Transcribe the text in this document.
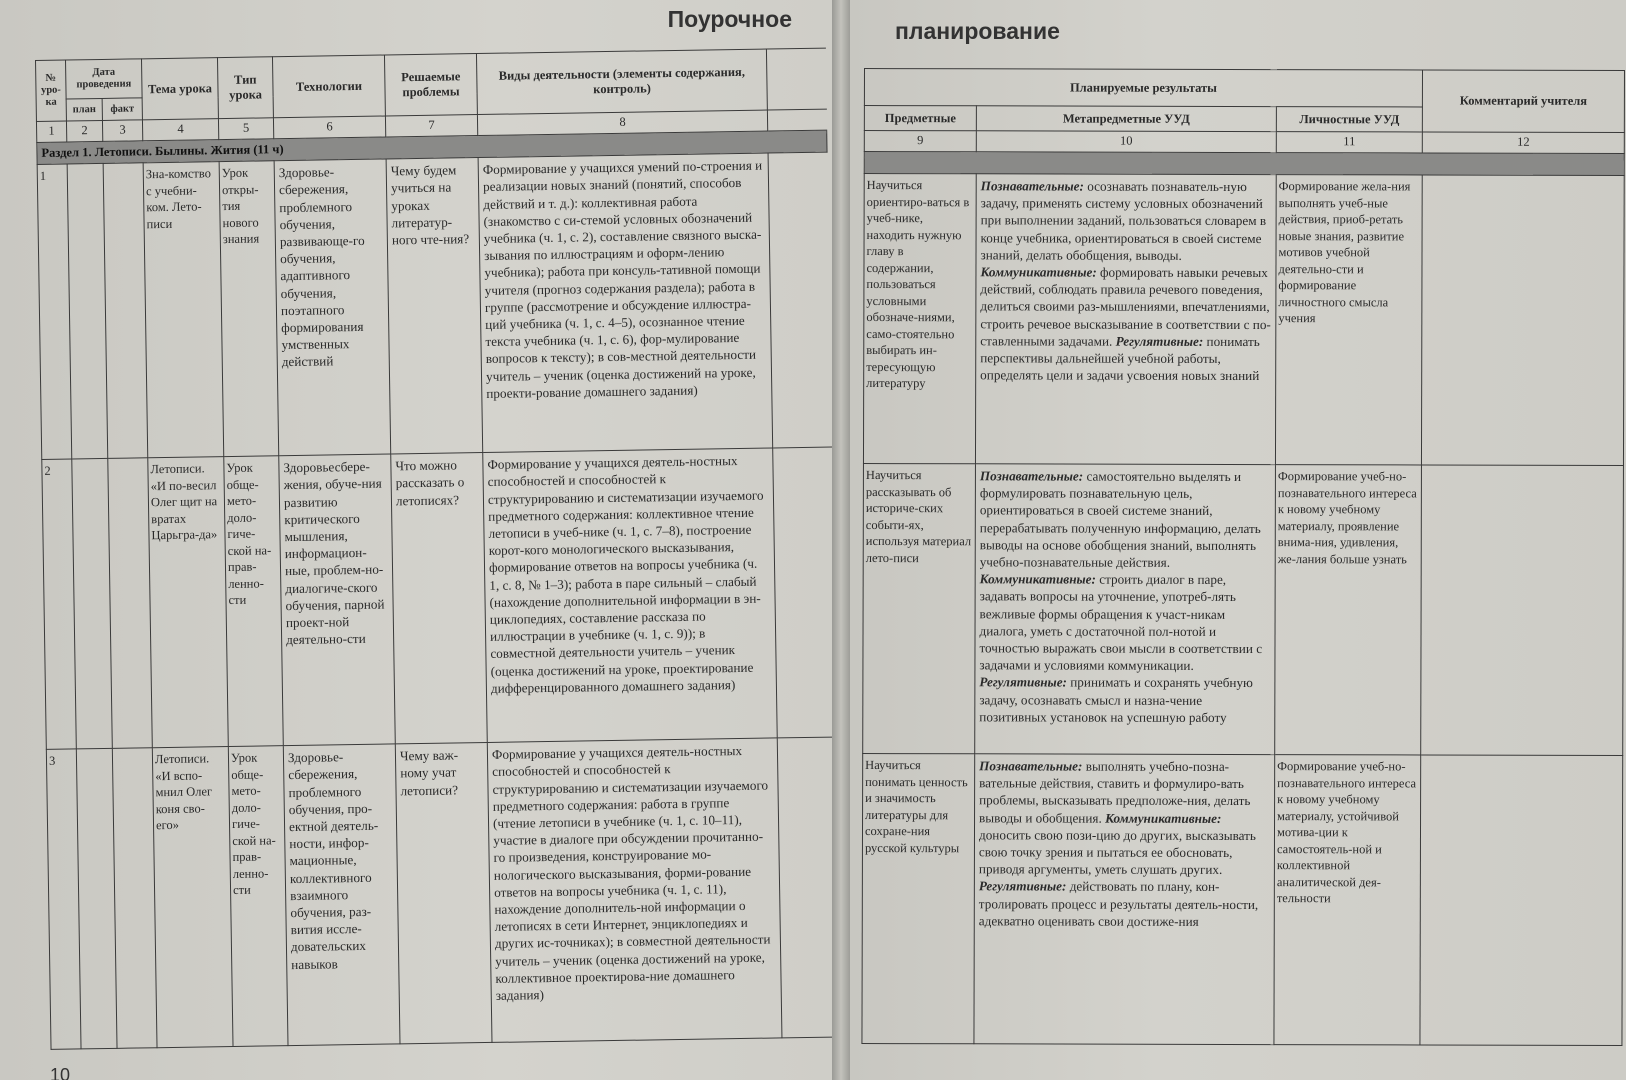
Поурочное
№ уро-ка	Дата проведения		Тема урока	Тип урока	Технологии	Решаемые проблемы	Виды деятельности (элементы содержания, контроль)	
	план	факт						
1	2	3	4	5	6	7	8	
Раздел 1. Летописи. Былины. Жития (11 ч)								
1			Зна-комство с учебни-ком. Лето-писи	Урок откры-тия нового знания	Здоровье-сбережения, проблемного обучения, развивающе-го обучения, адаптивного обучения, поэтапного формирования умственных действий	Чему будем учиться на уроках литератур-ного чте-ния?	Формирование у учащихся умений по-строения и реализации новых знаний (понятий, способов действий и т. д.): коллективная работа (знакомство с си-стемой условных обозначений учебника (ч. 1, с. 2), составление связного выска-зывания по иллюстрациям и оформ-лению учебника); работа при консуль-тативной помощи учителя (прогноз содержания раздела); работа в группе (рассмотрение и обсуждение иллюстра-ций учебника (ч. 1, с. 4–5), осознанное чтение текста учебника (ч. 1, с. 6), фор-мулирование вопросов к тексту); в сов-местной деятельности учитель – ученик (оценка достижений на уроке, проекти-рование домашнего задания)	
2			Летописи. «И по-весил Олег щит на вратах Царьгра-да»	Урок обще-мето-доло-гиче-ской на-прав-ленно-сти	Здоровьесбере-жения, обуче-ния развитию критического мышления, информацион-ные, проблем-но-диалогиче-ского обучения, парной проект-ной деятельно-сти	Что можно рассказать о летописях?	Формирование у учащихся деятель-ностных способностей и способностей к структурированию и систематизации изучаемого предметного содержания: коллективное чтение летописи в учеб-нике (ч. 1, с. 7–8), построение корот-кого монологического высказывания, формирование ответов на вопросы учебника (ч. 1, с. 8, № 1–3); работа в паре сильный – слабый (нахождение дополнительной информации в эн-циклопедиях, составление рассказа по иллюстрации в учебнике (ч. 1, с. 9)); в совместной деятельности учитель – ученик (оценка достижений на уроке, проектирование дифференцированного домашнего задания)	
3			Летописи. «И вспо-мнил Олег коня сво-его»	Урок обще-мето-доло-гиче-ской на-прав-ленно-сти	Здоровье-сбережения, проблемного обучения, про-ектной деятель-ности, инфор-мационные, коллективного взаимного обучения, раз-вития иссле-довательских навыков	Чему важ-ному учат летописи?	Формирование у учащихся деятель-ностных способностей и способностей к структурированию и систематизации изучаемого предметного содержания: работа в группе (чтение летописи в учебнике (ч. 1, с. 10–11), участие в диалоге при обсуждении прочитанно-го произведения, конструирование мо-нологического высказывания, форми-рование ответов на вопросы учебника (ч. 1, с. 11), нахождение дополнитель-ной информации о летописях в сети Интернет, энциклопедиях и других ис-точниках); в совместной деятельности учитель – ученик (оценка достижений на уроке, коллективное проектирова-ние домашнего задания)	
10
планирование
Планируемые результаты			Комментарий учителя
Предметные	Метапредметные УУД	Личностные УУД	
9	10	11	12

Научиться ориентиро-ваться в учеб-нике, находить нужную главу в содержании, пользоваться условными обозначе-ниями, само-стоятельно выбирать ин-тересующую литературу	Познавательные: осознавать познаватель-ную задачу, применять систему условных обозначений при выполнении заданий, пользоваться словарем в конце учебника, ориентироваться в своей системе знаний, делать обобщения, выводы. Коммуникативные: формировать навыки речевых действий, соблюдать правила речевого поведения, делиться своими раз-мышлениями, впечатлениями, строить речевое высказывание в соответствии с по-ставленными задачами. Регулятивные: понимать перспективы дальнейшей учебной работы, определять цели и задачи усвоения новых знаний	Формирование жела-ния выполнять учеб-ные действия, приоб-ретать новые знания, развитие мотивов учебной деятельно-сти и формирование личностного смысла учения	
Научиться рассказывать об историче-ских событи-ях, используя материал лето-писи	Познавательные: самостоятельно выделять и формулировать познавательную цель, ориентироваться в своей системе знаний, перерабатывать полученную информацию, делать выводы на основе обобщения знаний, выполнять учебно-познавательные действия. Коммуникативные: строить диалог в паре, задавать вопросы на уточнение, употреб-лять вежливые формы обращения к участ-никам диалога, уметь с достаточной пол-нотой и точностью выражать свои мысли в соответствии с задачами и условиями коммуникации. Регулятивные: принимать и сохранять учебную задачу, осознавать смысл и назна-чение позитивных установок на успешную работу	Формирование учеб-но-познавательного интереса к новому учебному материалу, проявление внима-ния, удивления, же-лания больше узнать	
Научиться понимать ценность и значимость литературы для сохране-ния русской культуры	Познавательные: выполнять учебно-позна-вательные действия, ставить и формулиро-вать проблемы, высказывать предположе-ния, делать выводы и обобщения. Коммуникативные: доносить свою пози-цию до других, высказывать свою точку зрения и пытаться ее обосновать, приводя аргументы, уметь слушать других. Регулятивные: действовать по плану, кон-тролировать процесс и результаты деятель-ности, адекватно оценивать свои достиже-ния	Формирование учеб-но-познавательного интереса к новому учебному материалу, устойчивой мотива-ции к самостоятель-ной и коллективной аналитической дея-тельности	
